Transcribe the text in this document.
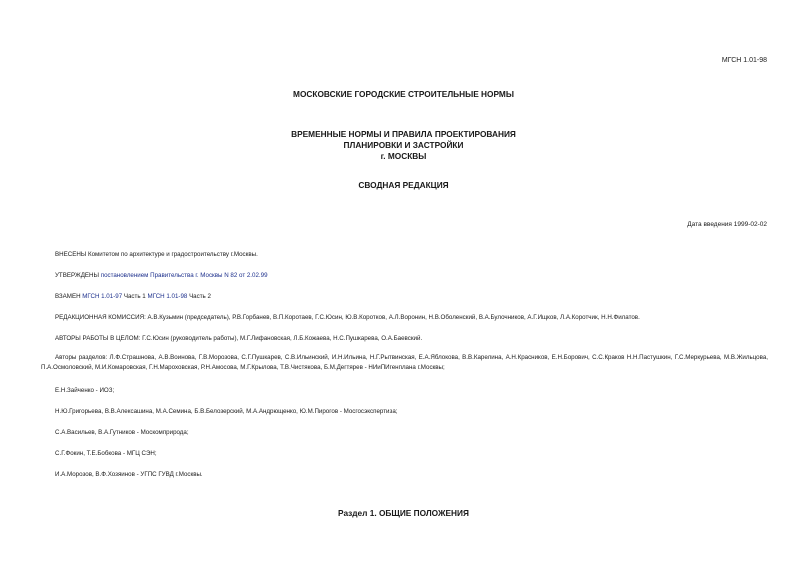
МГСН 1.01-98

МОСКОВСКИЕ ГОРОДСКИЕ СТРОИТЕЛЬНЫЕ НОРМЫ

ВРЕМЕННЫЕ НОРМЫ И ПРАВИЛА ПРОЕКТИРОВАНИЯ
ПЛАНИРОВКИ И ЗАСТРОЙКИ
г. МОСКВЫ

СВОДНАЯ РЕДАКЦИЯ

Дата введения 1999-02-02

ВНЕСЕНЫ Комитетом по архитектуре и градостроительству г.Москвы.

УТВЕРЖДЕНЫ постановлением Правительства г. Москвы N 82 от 2.02.99

ВЗАМЕН МГСН 1.01-97 Часть 1 МГСН 1.01-98 Часть 2

РЕДАКЦИОННАЯ КОМИССИЯ: А.В.Кузьмин (председатель), Р.В.Горбанев, В.П.Коротаев, Г.С.Юсин, Ю.В.Коротков, А.Л.Воронин, Н.В.Оболенский, В.А.Булочников, А.Г.Ищков, Л.А.Коротчик, Н.Н.Филатов.

АВТОРЫ РАБОТЫ В ЦЕЛОМ: Г.С.Юсин (руководитель работы), М.Г.Лифановская, Л.Б.Кожаева, Н.С.Пушкарева, О.А.Баевский.

Авторы разделов: Л.Ф.Страшнова, А.В.Воинова, Г.В.Морозова, С.Г.Пушкарев, С.В.Ильинский, И.Н.Ильина, Н.Г.Рытвинская, Е.А.Яблокова, В.В.Карелина, А.Н.Красников, Е.Н.Борович, С.С.Краков Н.Н.Пастушкин, Г.С.Меркурьева, М.В.Жильцова, П.А.Осмоловский, М.И.Комаровская, Г.Н.Мароховская, Р.Н.Амосова, М.Г.Крылова, Т.В.Чистякова, Б.М.Дегтярев - НИиПИгенплана г.Москвы;

Е.Н.Зайченко - ИОЗ;

Н.Ю.Григорьева, В.В.Алексашина, М.А.Семина, Б.В.Белозерский, М.А.Андрющенко, Ю.М.Пирогов - Мосгосэкспертиза;

С.А.Васильев, В.А.Гутников - Москомприрода;

С.Г.Фокин, Т.Е.Бобкова - МГЦ СЭН;

И.А.Морозов, В.Ф.Хозяинов - УГПС ГУВД г.Москвы.

Раздел 1. ОБЩИЕ ПОЛОЖЕНИЯ
